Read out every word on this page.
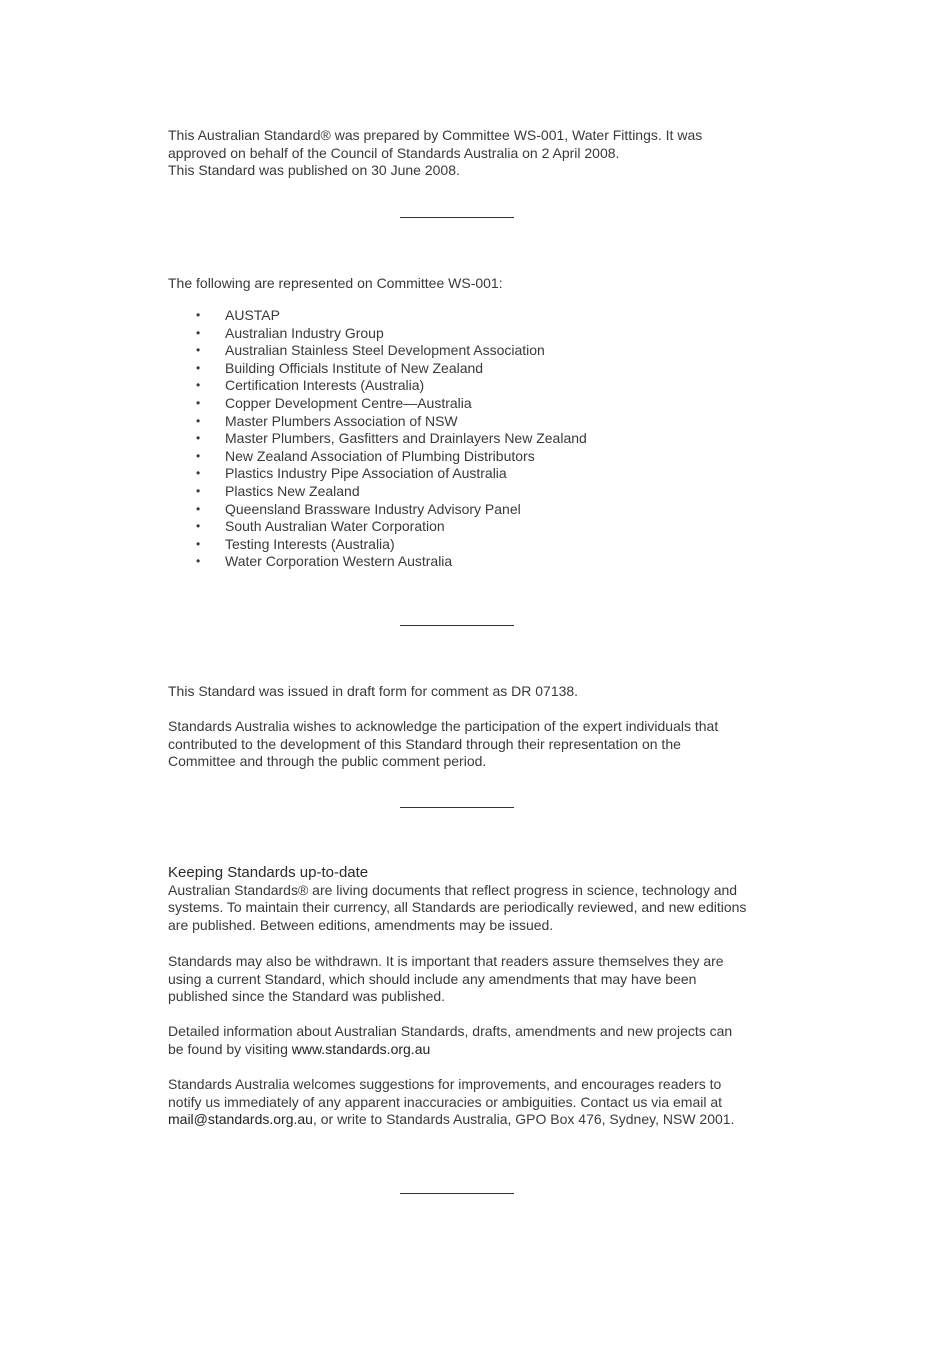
This Australian Standard® was prepared by Committee WS-001, Water Fittings. It was
approved on behalf of the Council of Standards Australia on 2 April 2008.
This Standard was published on 30 June 2008.
The following are represented on Committee WS-001:
• AUSTAP
• Australian Industry Group
• Australian Stainless Steel Development Association
• Building Officials Institute of New Zealand
• Certification Interests (Australia)
• Copper Development Centre—Australia
• Master Plumbers Association of NSW
• Master Plumbers, Gasfitters and Drainlayers New Zealand
• New Zealand Association of Plumbing Distributors
• Plastics Industry Pipe Association of Australia
• Plastics New Zealand
• Queensland Brassware Industry Advisory Panel
• South Australian Water Corporation
• Testing Interests (Australia)
• Water Corporation Western Australia
This Standard was issued in draft form for comment as DR 07138.
Standards Australia wishes to acknowledge the participation of the expert individuals that
contributed to the development of this Standard through their representation on the
Committee and through the public comment period.
Keeping Standards up-to-date
Australian Standards® are living documents that reflect progress in science, technology and
systems. To maintain their currency, all Standards are periodically reviewed, and new editions
are published. Between editions, amendments may be issued.
Standards may also be withdrawn. It is important that readers assure themselves they are
using a current Standard, which should include any amendments that may have been
published since the Standard was published.
Detailed information about Australian Standards, drafts, amendments and new projects can
be found by visiting www.standards.org.au
Standards Australia welcomes suggestions for improvements, and encourages readers to
notify us immediately of any apparent inaccuracies or ambiguities. Contact us via email at
mail@standards.org.au, or write to Standards Australia, GPO Box 476, Sydney, NSW 2001.
